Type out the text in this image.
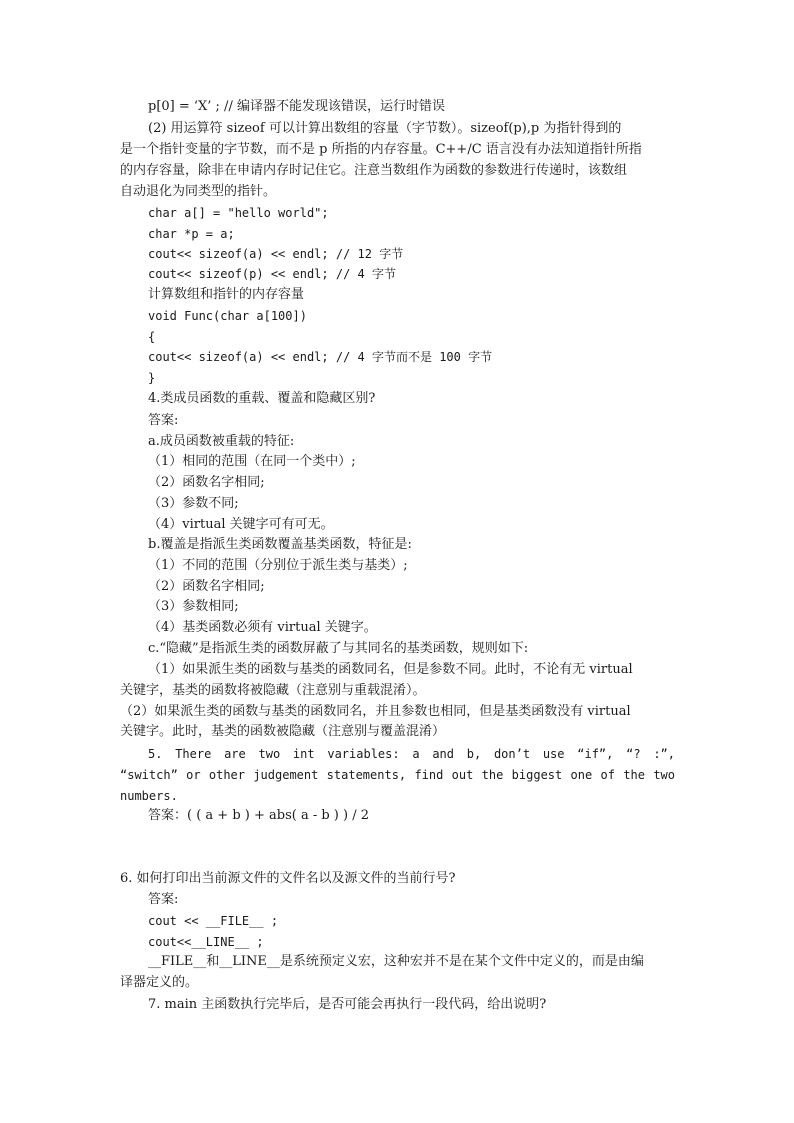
p[0] = ‘X’ ; // 编译器不能发现该错误，运行时错误
(2) 用运算符 sizeof 可以计算出数组的容量（字节数）。sizeof(p),p 为指针得到的
是一个指针变量的字节数，而不是 p 所指的内存容量。C++/C 语言没有办法知道指针所指
的内存容量，除非在申请内存时记住它。注意当数组作为函数的参数进行传递时，该数组
自动退化为同类型的指针。
char a[] = "hello world";
char *p = a;
cout<< sizeof(a) << endl; // 12 字节
cout<< sizeof(p) << endl; // 4 字节
计算数组和指针的内存容量
void Func(char a[100])
{
cout<< sizeof(a) << endl; // 4 字节而不是 100 字节
}
4.类成员函数的重载、覆盖和隐藏区别?
答案:
a.成员函数被重载的特征:
（1）相同的范围（在同一个类中）;
（2）函数名字相同;
（3）参数不同;
（4）virtual 关键字可有可无。
b.覆盖是指派生类函数覆盖基类函数，特征是:
（1）不同的范围（分别位于派生类与基类）;
（2）函数名字相同;
（3）参数相同;
（4）基类函数必须有 virtual 关键字。
c.“隐藏”是指派生类的函数屏蔽了与其同名的基类函数，规则如下:
（1）如果派生类的函数与基类的函数同名，但是参数不同。此时，不论有无 virtual
关键字，基类的函数将被隐藏（注意别与重载混淆）。
（2）如果派生类的函数与基类的函数同名，并且参数也相同，但是基类函数没有 virtual
关键字。此时，基类的函数被隐藏（注意别与覆盖混淆）
5. There are two int variables: a and b, don’t use “if”, “? :”,
“switch” or other judgement statements, find out the biggest one of the two
numbers.
答案：( ( a + b ) + abs( a - b ) ) / 2
6. 如何打印出当前源文件的文件名以及源文件的当前行号?
答案:
cout << __FILE__ ;
cout<<__LINE__ ;
__FILE__和__LINE__是系统预定义宏，这种宏并不是在某个文件中定义的，而是由编
译器定义的。
7. main 主函数执行完毕后，是否可能会再执行一段代码，给出说明?
